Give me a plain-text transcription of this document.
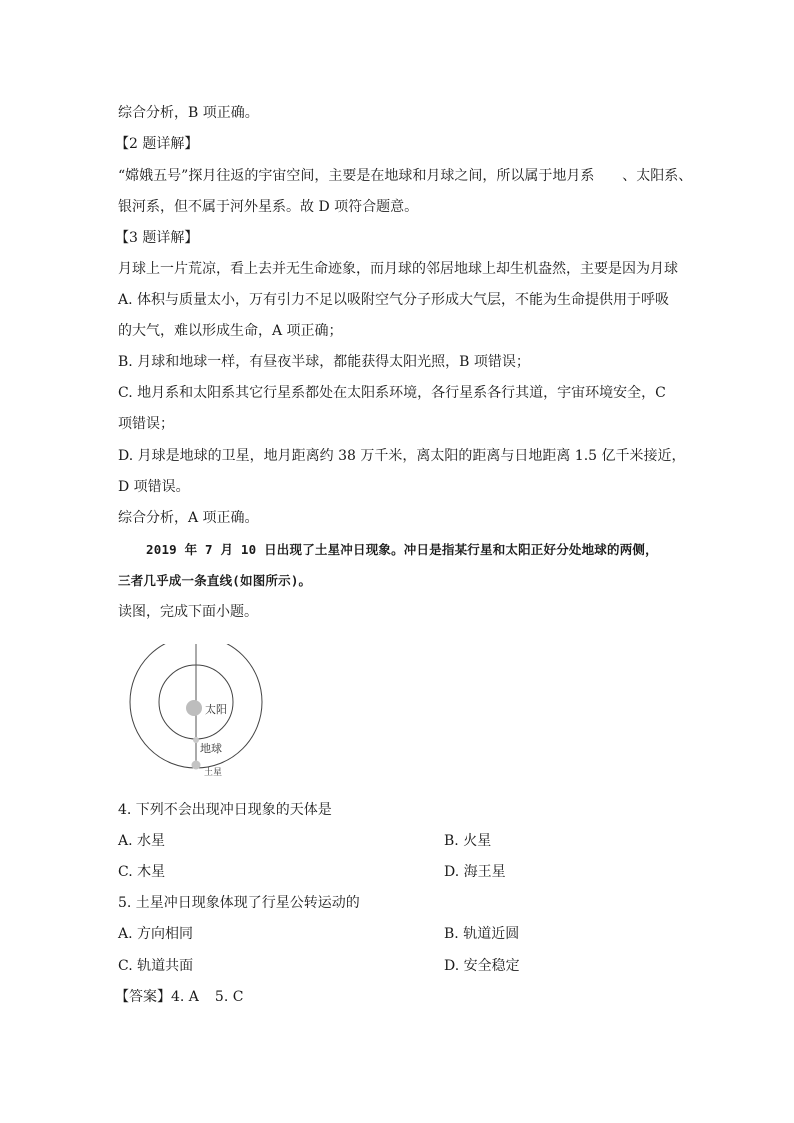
综合分析，B 项正确。
【2 题详解】
“嫦娥五号”探月往返的宇宙空间，主要是在地球和月球之间，所以属于地月系　　、太阳系、
银河系，但不属于河外星系。故 D 项符合题意。
【3 题详解】
月球上一片荒凉，看上去并无生命迹象，而月球的邻居地球上却生机盎然，主要是因为月球
A. 体积与质量太小，万有引力不足以吸附空气分子形成大气层，不能为生命提供用于呼吸
的大气，难以形成生命，A 项正确；
B. 月球和地球一样，有昼夜半球，都能获得太阳光照，B 项错误；
C. 地月系和太阳系其它行星系都处在太阳系环境，各行星系各行其道，宇宙环境安全，C
项错误；
D. 月球是地球的卫星，地月距离约 38 万千米，离太阳的距离与日地距离 1.5 亿千米接近，
D 项错误。
综合分析，A 项正确。
2019 年 7 月 10 日出现了土星冲日现象。冲日是指某行星和太阳正好分处地球的两侧，
三者几乎成一条直线(如图所示)。
读图，完成下面小题。
太阳
地球
土星
4. 下列不会出现冲日现象的天体是
A. 水星	B. 火星
C. 木星	D. 海王星
5. 土星冲日现象体现了行星公转运动的
A. 方向相同	B. 轨道近圆
C. 轨道共面	D. 安全稳定
【答案】4. A 5. C
